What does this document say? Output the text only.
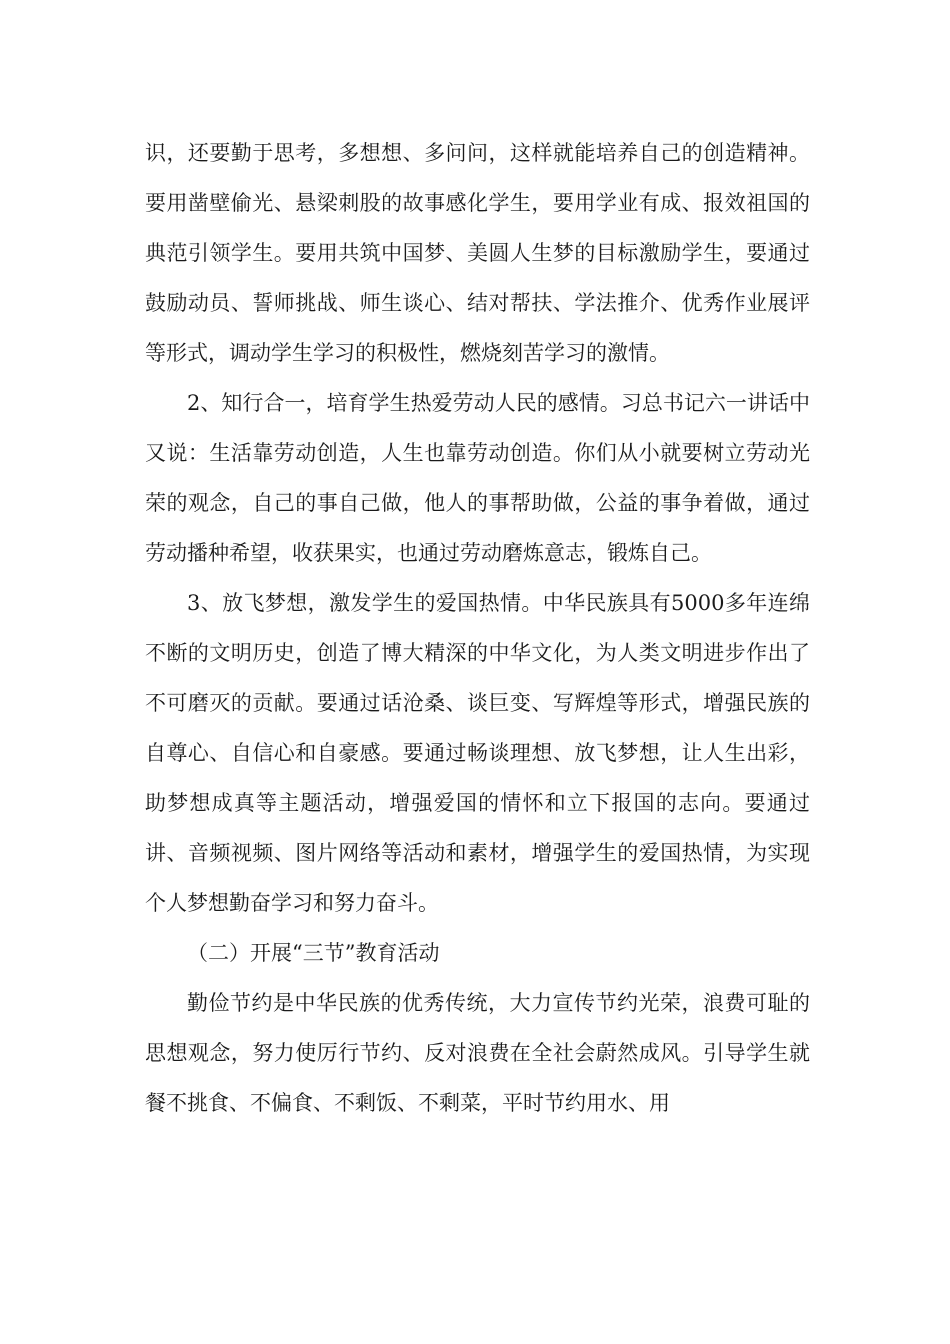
识，还要勤于思考，多想想、多问问，这样就能培养自己的创造精神。要用凿壁偷光、悬梁刺股的故事感化学生，要用学业有成、报效祖国的典范引领学生。要用共筑中国梦、美圆人生梦的目标激励学生，要通过鼓励动员、誓师挑战、师生谈心、结对帮扶、学法推介、优秀作业展评等形式，调动学生学习的积极性，燃烧刻苦学习的激情。

2、知行合一，培育学生热爱劳动人民的感情。习总书记六一讲话中又说：生活靠劳动创造，人生也靠劳动创造。你们从小就要树立劳动光荣的观念，自己的事自己做，他人的事帮助做，公益的事争着做，通过劳动播种希望，收获果实，也通过劳动磨炼意志，锻炼自己。

3、放飞梦想，激发学生的爱国热情。中华民族具有5000多年连绵不断的文明历史，创造了博大精深的中华文化，为人类文明进步作出了不可磨灭的贡献。要通过话沧桑、谈巨变、写辉煌等形式，增强民族的自尊心、自信心和自豪感。要通过畅谈理想、放飞梦想，让人生出彩，助梦想成真等主题活动，增强爱国的情怀和立下报国的志向。要通过讲、音频视频、图片网络等活动和素材，增强学生的爱国热情，为实现个人梦想勤奋学习和努力奋斗。

（二）开展“三节”教育活动

勤俭节约是中华民族的优秀传统，大力宣传节约光荣，浪费可耻的思想观念，努力使厉行节约、反对浪费在全社会蔚然成风。引导学生就餐不挑食、不偏食、不剩饭、不剩菜，平时节约用水、用
